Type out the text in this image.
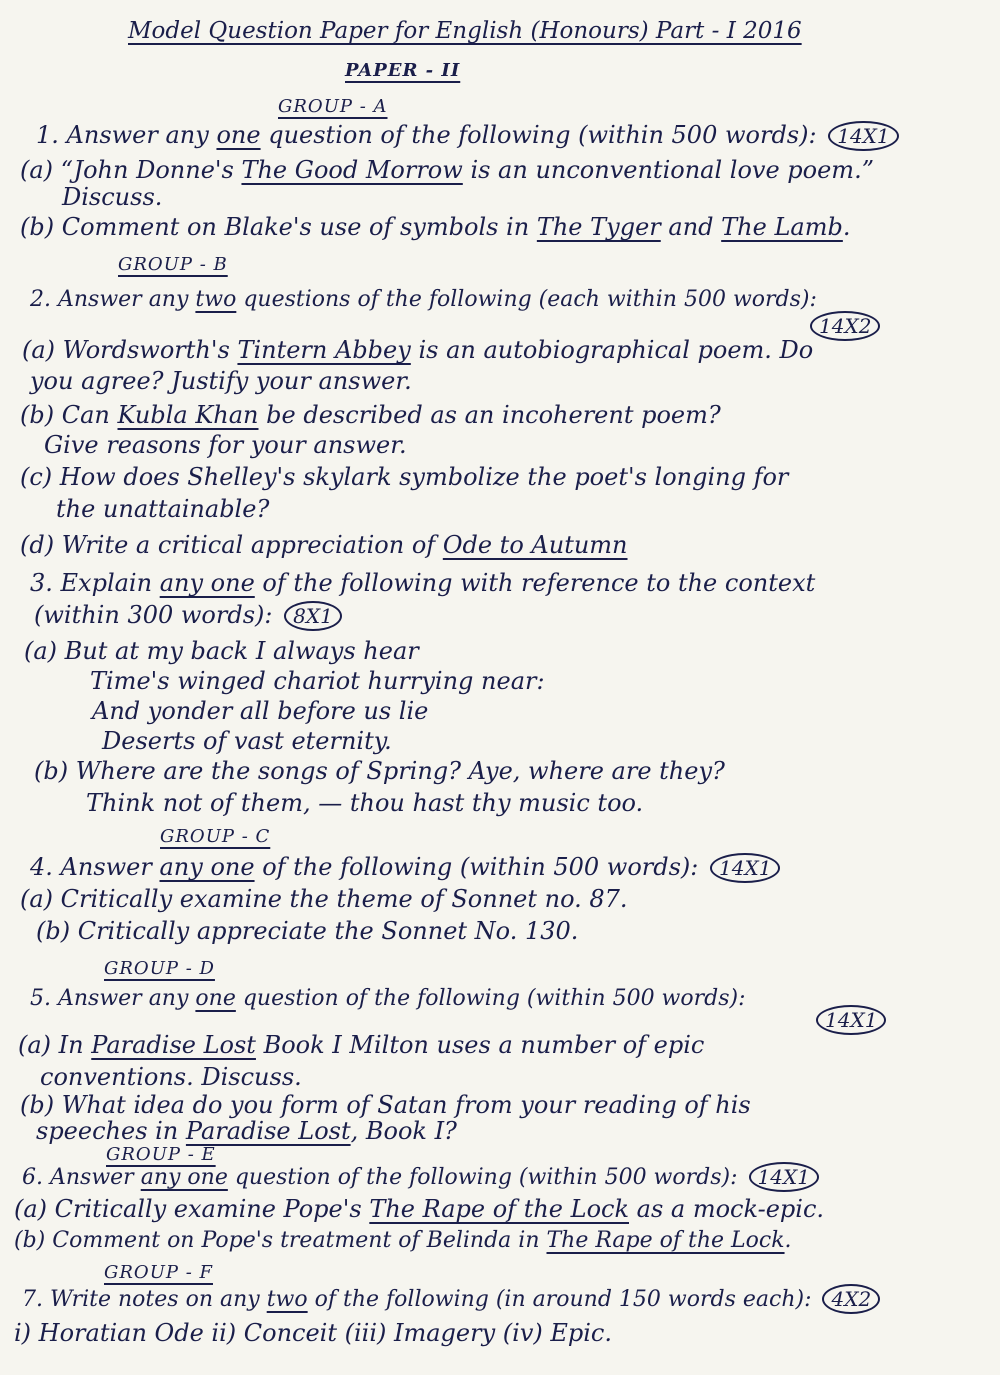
Model Question Paper for English (Honours) Part - I 2016
PAPER - II
GROUP - A
1. Answer any one question of the following (within 500 words): 14X1
(a) “John Donne's The Good Morrow is an unconventional love poem.”
Discuss.
(b) Comment on Blake's use of symbols in The Tyger and The Lamb.
GROUP - B
2. Answer any two questions of the following (each within 500 words):
14X2
(a) Wordsworth's Tintern Abbey is an autobiographical poem. Do
you agree? Justify your answer.
(b) Can Kubla Khan be described as an incoherent poem?
Give reasons for your answer.
(c) How does Shelley's skylark symbolize the poet's longing for
the unattainable?
(d) Write a critical appreciation of Ode to Autumn
3. Explain any one of the following with reference to the context
(within 300 words): 8X1
(a) But at my back I always hear
Time's winged chariot hurrying near:
And yonder all before us lie
Deserts of vast eternity.
(b) Where are the songs of Spring? Aye, where are they?
Think not of them, — thou hast thy music too.
GROUP - C
4. Answer any one of the following (within 500 words): 14X1
(a) Critically examine the theme of Sonnet no. 87.
(b) Critically appreciate the Sonnet No. 130.
GROUP - D
5. Answer any one question of the following (within 500 words):
14X1
(a) In Paradise Lost Book I Milton uses a number of epic
conventions. Discuss.
(b) What idea do you form of Satan from your reading of his
speeches in Paradise Lost, Book I?
GROUP - E
6. Answer any one question of the following (within 500 words): 14X1
(a) Critically examine Pope's The Rape of the Lock as a mock-epic.
(b) Comment on Pope's treatment of Belinda in The Rape of the Lock.
GROUP - F
7. Write notes on any two of the following (in around 150 words each): 4X2
i) Horatian Ode ii) Conceit (iii) Imagery (iv) Epic.
